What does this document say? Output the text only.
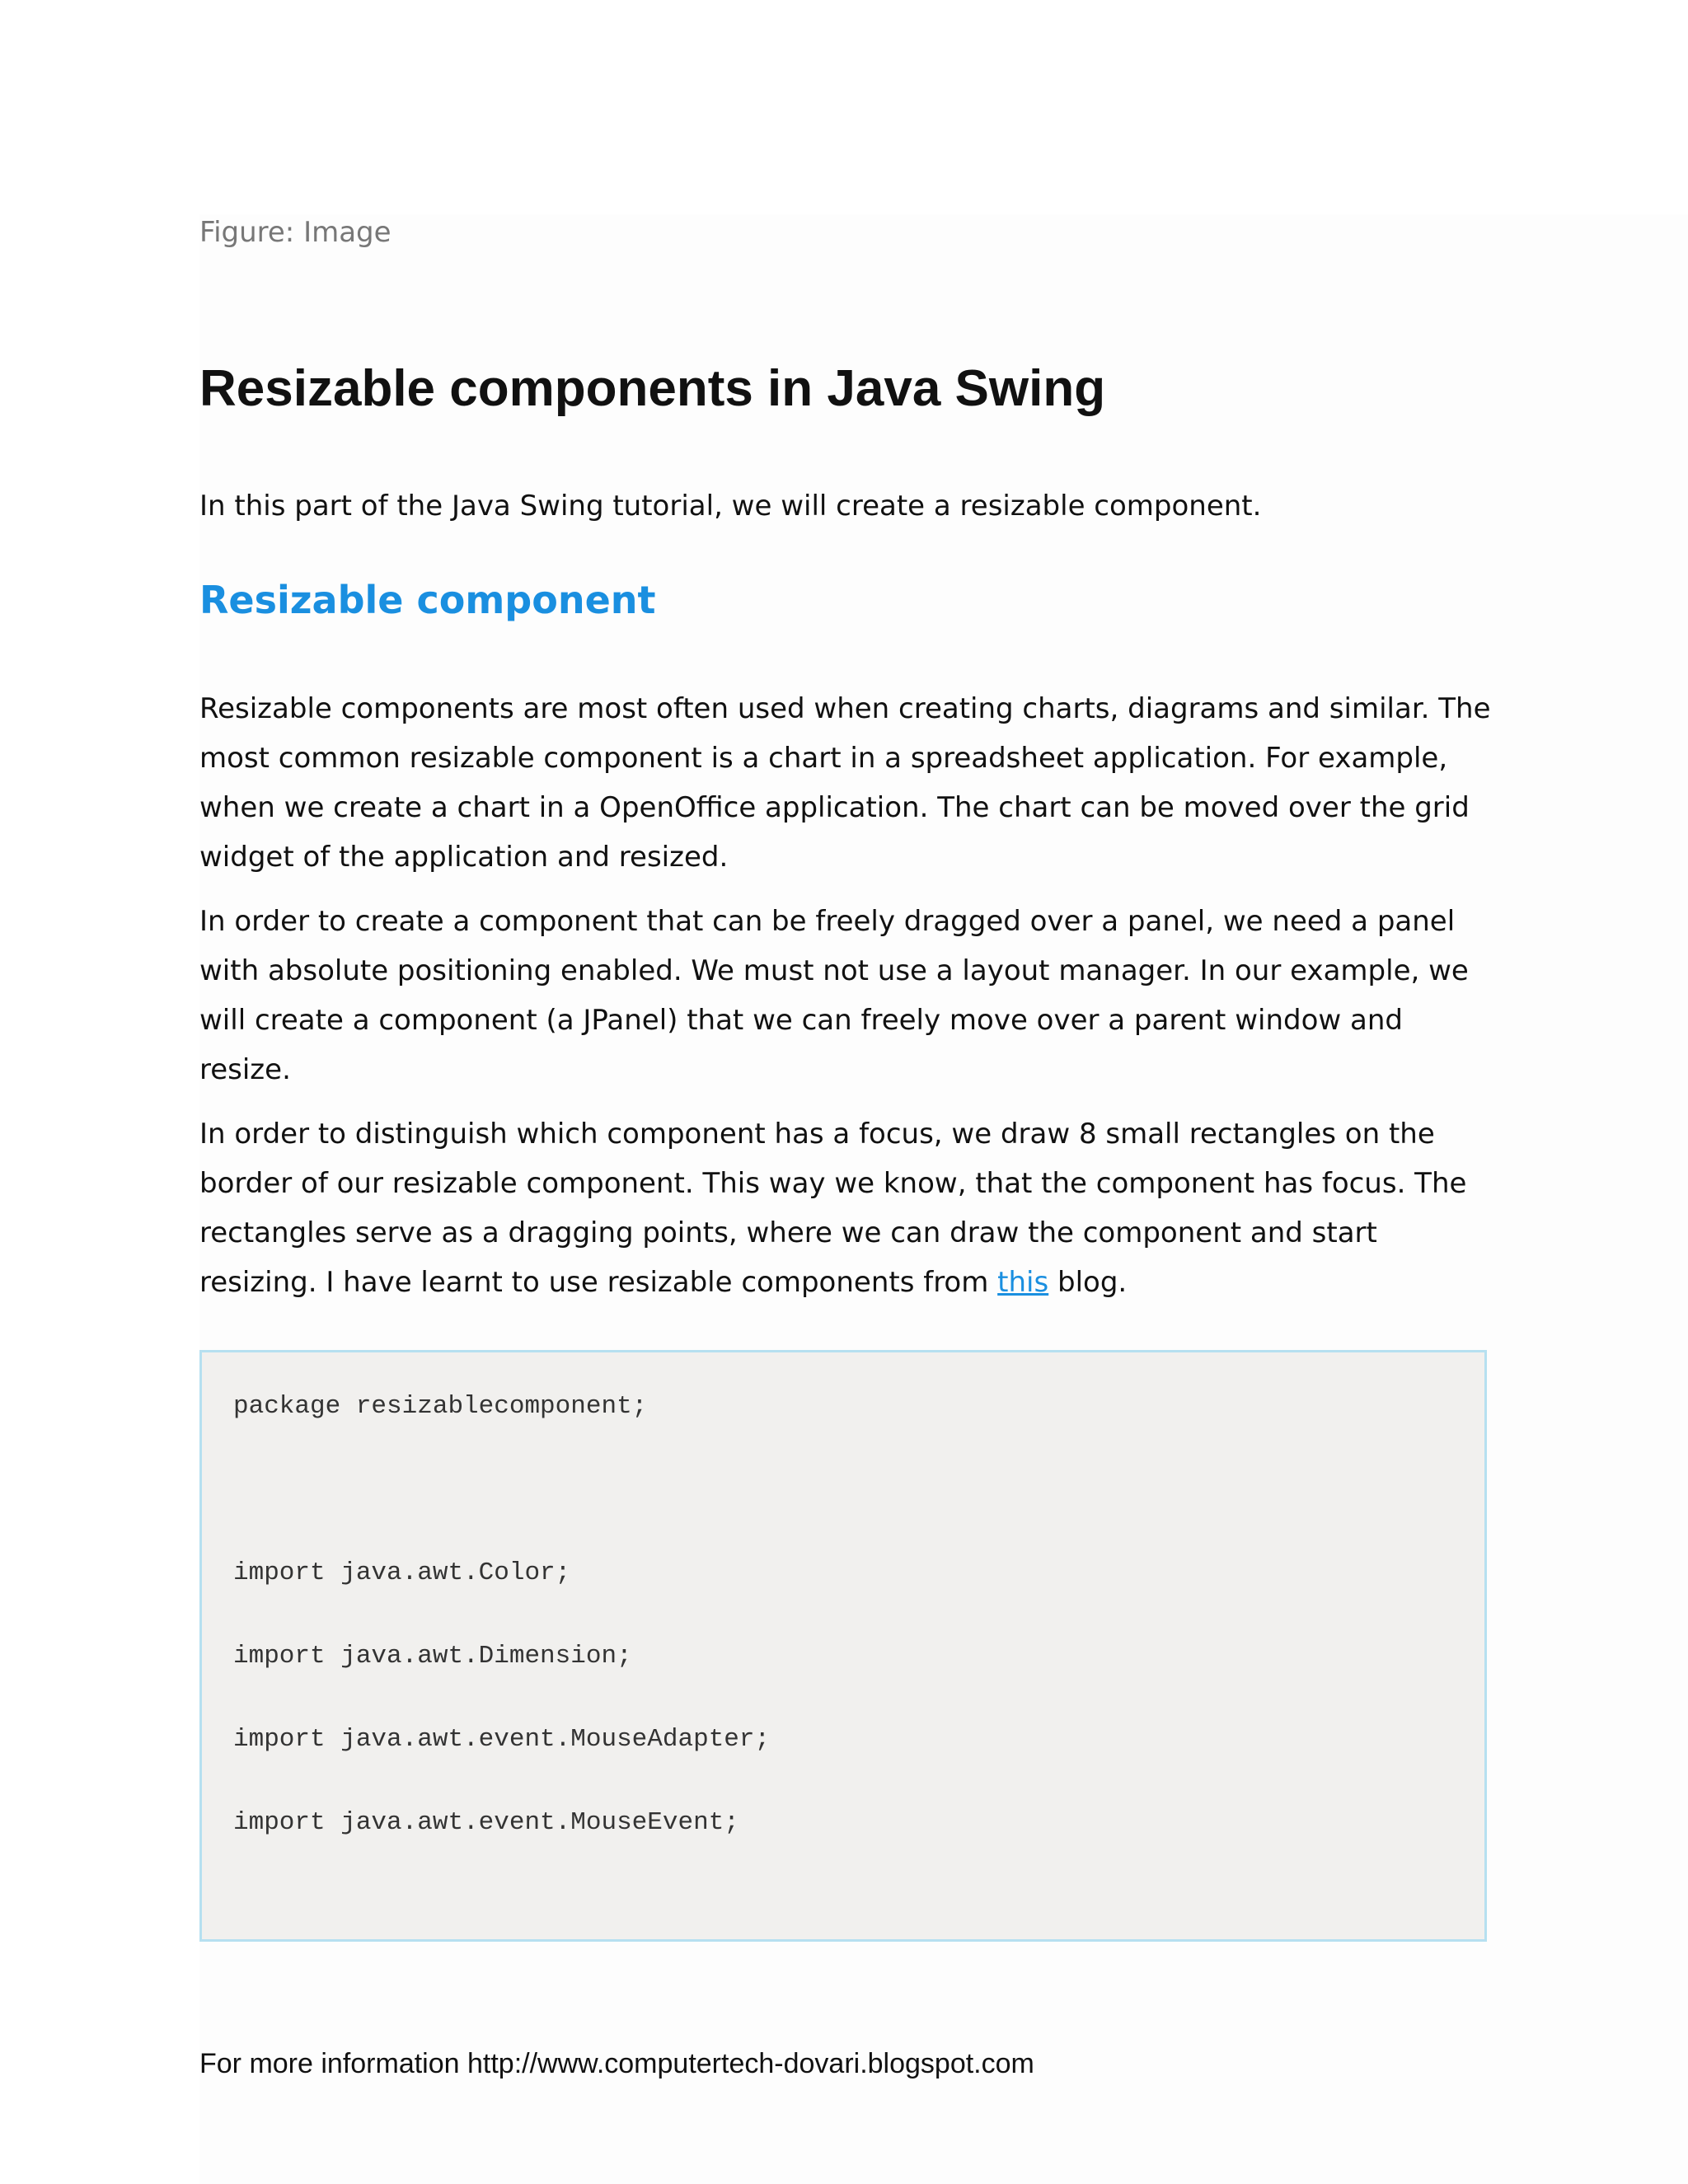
Figure: Image
Resizable components in Java Swing

In this part of the Java Swing tutorial, we will create a resizable component.

Resizable component

Resizable components are most often used when creating charts, diagrams and similar. The most common resizable component is a chart in a spreadsheet application. For example, when we create a chart in a OpenOffice application. The chart can be moved over the grid widget of the application and resized.

In order to create a component that can be freely dragged over a panel, we need a panel with absolute positioning enabled. We must not use a layout manager. In our example, we will create a component (a JPanel) that we can freely move over a parent window and resize.

In order to distinguish which component has a focus, we draw 8 small rectangles on the border of our resizable component. This way we know, that the component has focus. The rectangles serve as a dragging points, where we can draw the component and start resizing. I have learnt to use resizable components from this blog.

package resizablecomponent;
import java.awt.Color;
import java.awt.Dimension;
import java.awt.event.MouseAdapter;
import java.awt.event.MouseEvent;
For more information http://www.computertech-dovari.blogspot.com
